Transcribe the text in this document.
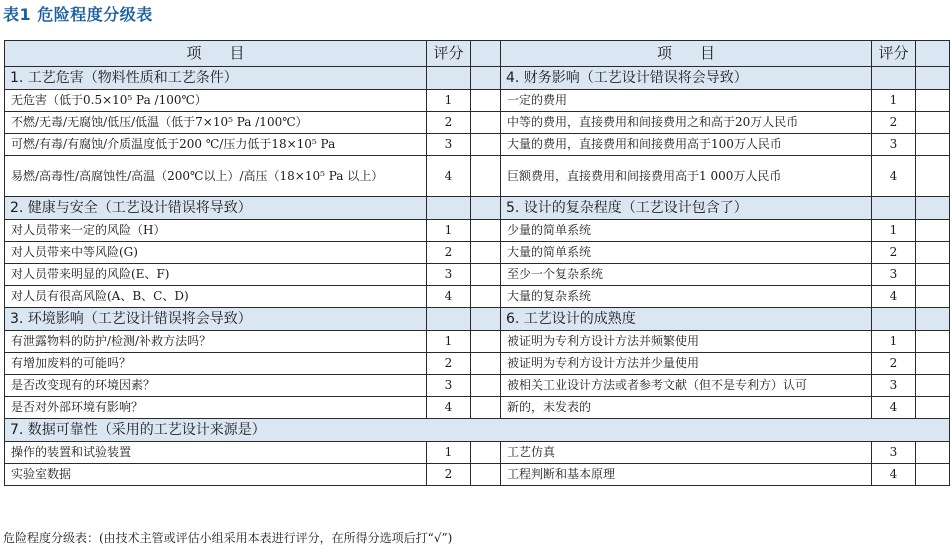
表1 危险程度分级表
项目	评分		项目	评分	
1. 工艺危害（物料性质和工艺条件）			4. 财务影响（工艺设计错误将会导致）		
无危害（低于0.5×10⁵ Pa /100℃）	1		一定的费用	1	
不燃/无毒/无腐蚀/低压/低温（低于7×10⁵ Pa /100℃）	2		中等的费用，直接费用和间接费用之和高于20万人民币	2	
可燃/有毒/有腐蚀/介质温度低于200 ℃/压力低于18×10⁵ Pa	3		大量的费用，直接费用和间接费用高于100万人民币	3	
易燃/高毒性/高腐蚀性/高温（200℃以上）/高压（18×10⁵ Pa 以上）	4		巨额费用，直接费用和间接费用高于1 000万人民币	4	
2. 健康与安全（工艺设计错误将导致）			5. 设计的复杂程度（工艺设计包含了）		
对人员带来一定的风险（H）	1		少量的简单系统	1	
对人员带来中等风险(G)	2		大量的简单系统	2	
对人员带来明显的风险(E、F)	3		至少一个复杂系统	3	
对人员有很高风险(A、B、C、D)	4		大量的复杂系统	4	
3. 环境影响（工艺设计错误将会导致）			6. 工艺设计的成熟度		
有泄露物料的防护/检测/补救方法吗？	1		被证明为专利方设计方法并频繁使用	1	
有增加废料的可能吗？	2		被证明为专利方设计方法并少量使用	2	
是否改变现有的环境因素？	3		被相关工业设计方法或者参考文献（但不是专利方）认可	3	
是否对外部环境有影响？	4		新的，未发表的	4	
7. 数据可靠性（采用的工艺设计来源是）					
操作的装置和试验装置	1		工艺仿真	3	
实验室数据	2		工程判断和基本原理	4	
危险程度分级表：(由技术主管或评估小组采用本表进行评分，在所得分选项后打“√”)
